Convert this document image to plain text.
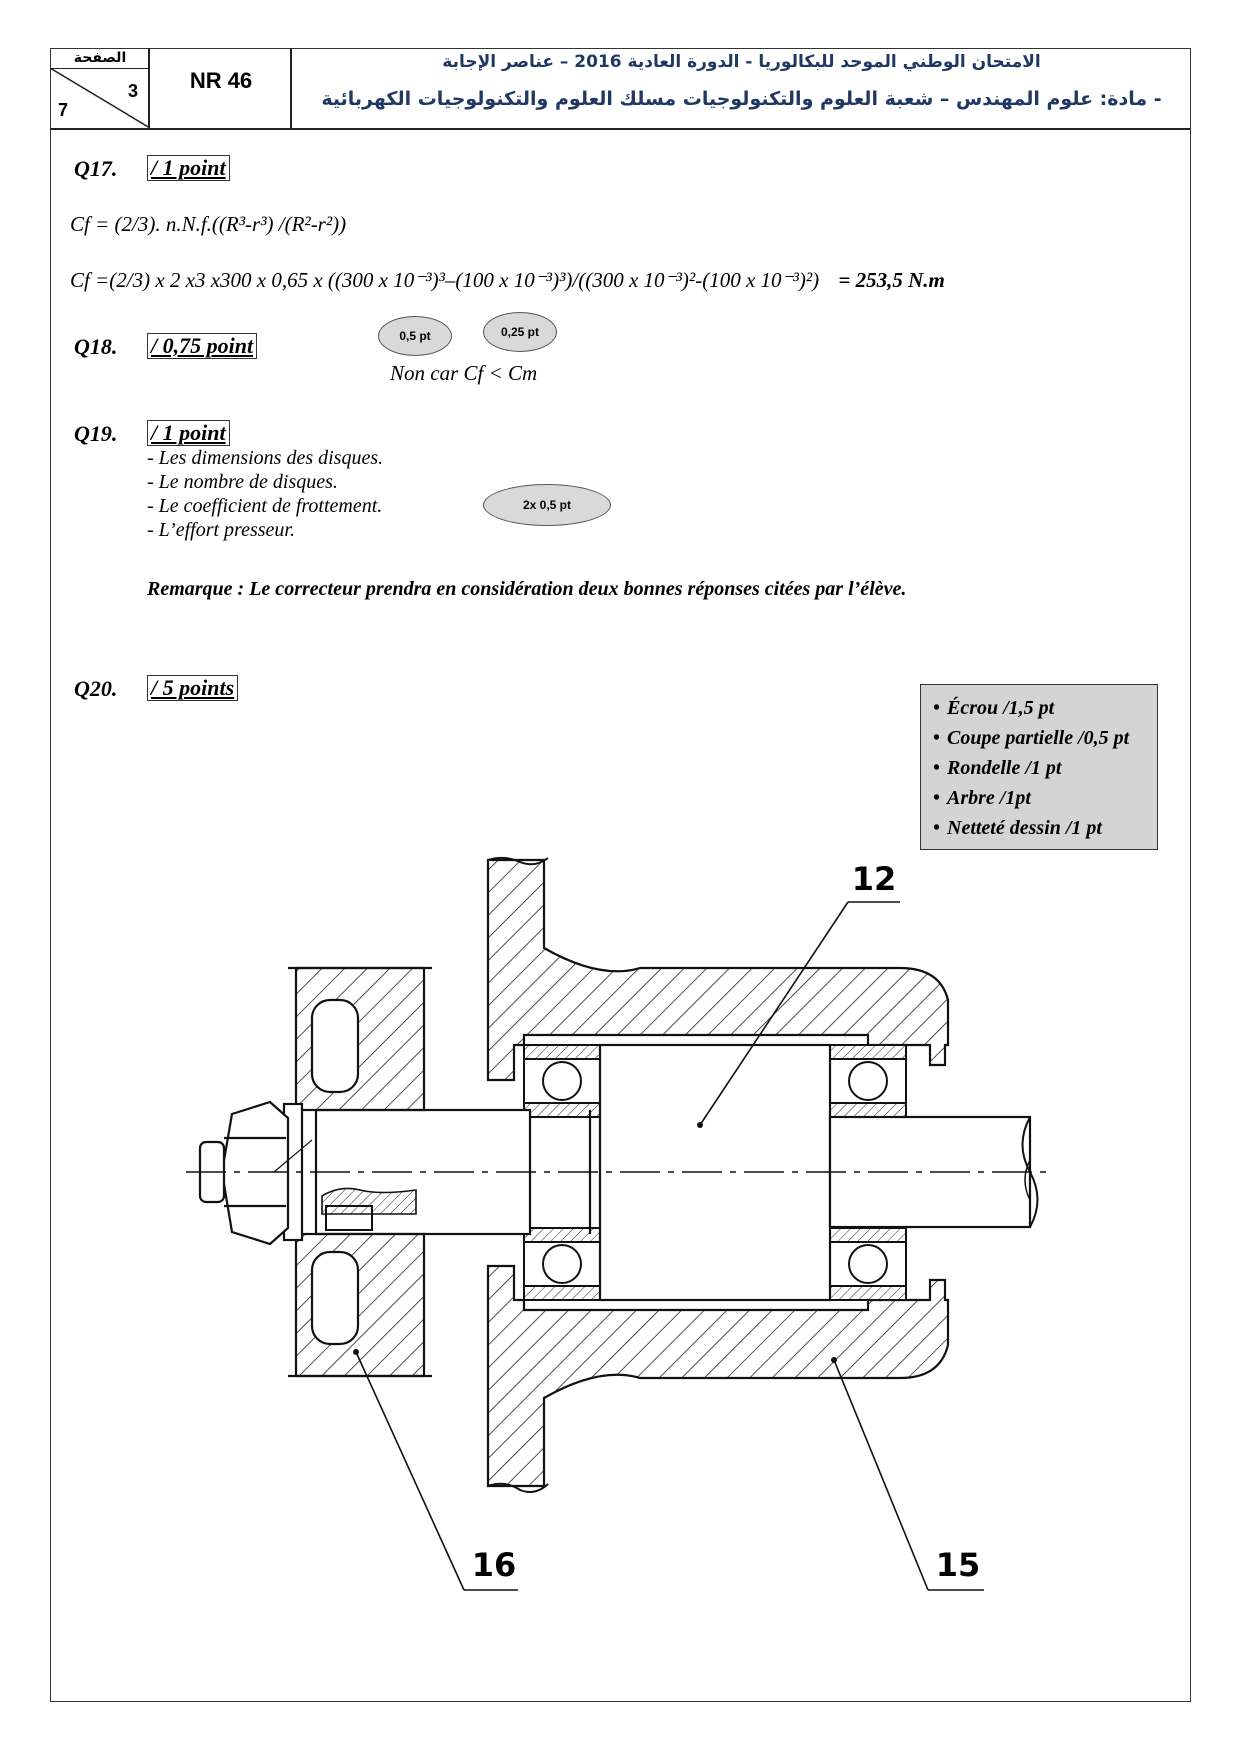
الصفحة
3
7
NR 46
الامتحان الوطني الموحد للبكالوريا - الدورة العادية 2016 – عناصر الإجابة
- مادة: علوم المهندس – شعبة العلوم والتكنولوجيات مسلك العلوم والتكنولوجيات الكهربائية
Q17. / 1 point
Cf = (2/3). n.N.f.((R³-r³) /(R²-r²))
Cf =(2/3) x 2 x3 x300 x 0,65 x ((300 x 10⁻³)³–(100 x 10⁻³)³)/((300 x 10⁻³)²-(100 x 10⁻³)²) = 253,5 N.m
Q18. / 0,75 point	0,5 pt	0,25 pt
Non car Cf < Cm
Q19. / 1 point
- Les dimensions des disques.
- Le nombre de disques.
- Le coefficient de frottement.
- L’effort presseur.
2x 0,5 pt
Remarque : Le correcteur prendra en considération deux bonnes réponses citées par l’élève.
Q20. / 5 points
• Écrou /1,5 pt
• Coupe partielle /0,5 pt
• Rondelle /1 pt
• Arbre /1pt
• Netteté dessin /1 pt
12
16	15
